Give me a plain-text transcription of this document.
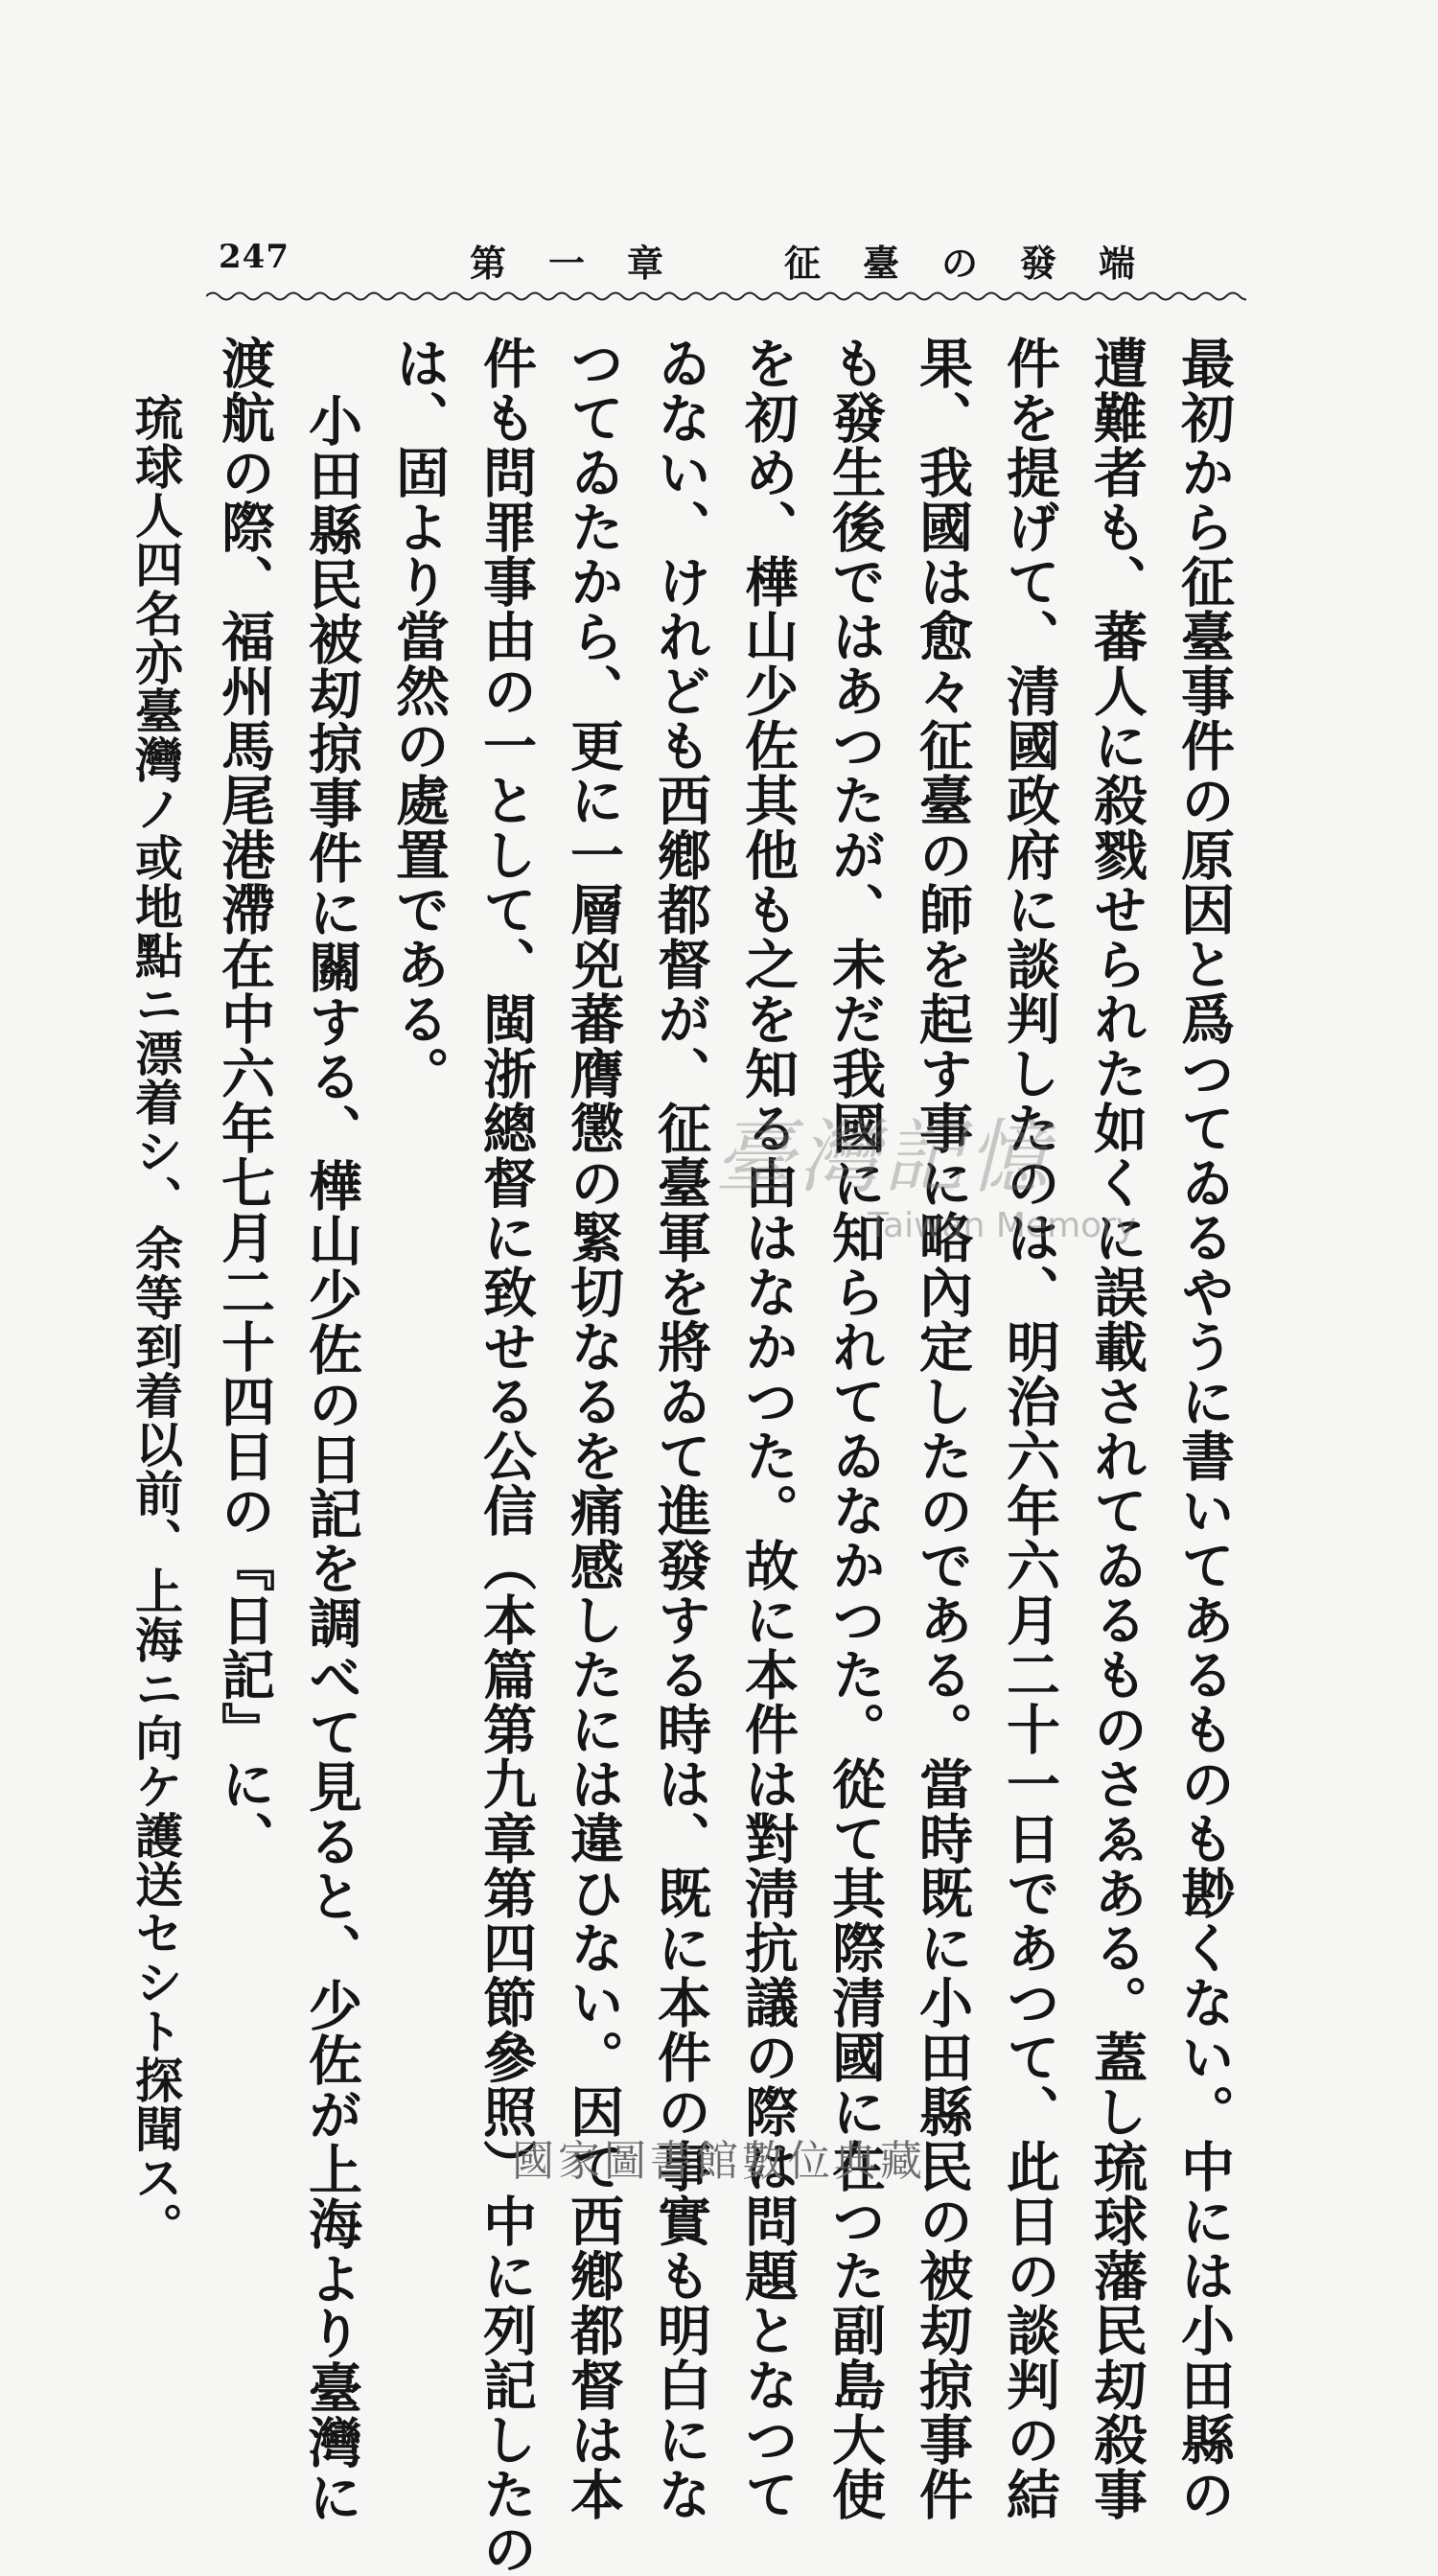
247	第一章　征臺の發端
最初から征臺事件の原因と爲つてゐるやうに書いてあるものも尠くない。中には小田縣の
遭難者も、蕃人に殺戮せられた如くに誤載されてゐるものさゑある。蓋し琉球藩民刧殺事
件を提げて、清國政府に談判したのは、明治六年六月二十一日であつて、此日の談判の結
果、我國は愈々征臺の師を起す事に略內定したのである。當時既に小田縣民の被刧掠事件
も發生後ではあつたが、未だ我國に知られてゐなかつた。從て其際清國に在つた副島大使
を初め、樺山少佐其他も之を知る由はなかつた。故に本件は對淸抗議の際は問題となつて
ゐない、けれども西鄕都督が、征臺軍を將ゐて進發する時は、既に本件の事實も明白にな
つてゐたから、更に一層兇蕃膺懲の緊切なるを痛感したには違ひない。因て西鄕都督は本
件も問罪事由の一として、閩浙總督に致せる公信（本篇第九章第四節參照）中に列記したの
は、固より當然の處置である。
小田縣民被刧掠事件に關する、樺山少佐の日記を調べて見ると、少佐が上海より臺灣に
渡航の際、福州馬尾港滯在中六年七月二十四日の『日記』に、
琉球人四名亦臺灣ノ或地點ニ漂着シ、余等到着以前、上海ニ向ケ護送セシト探聞ス。	臺灣記憶
Taiwan Memory
國家圖書館數位典藏
